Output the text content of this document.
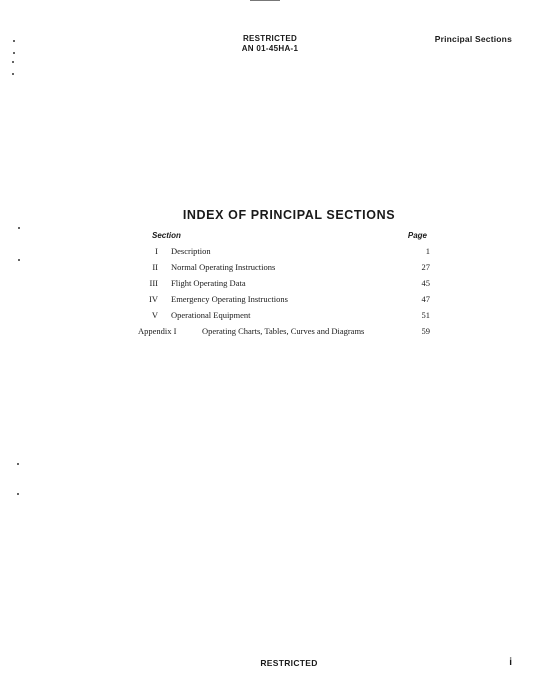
RESTRICTED
AN 01-45HA-1
Principal Sections
INDEX OF PRINCIPAL SECTIONS
Section	Page
I Description	1
II Normal Operating Instructions	27
III Flight Operating Data	45
IV Emergency Operating Instructions	47
V Operational Equipment	51
Appendix I	Operating Charts, Tables, Curves and Diagrams	59
RESTRICTED	i
